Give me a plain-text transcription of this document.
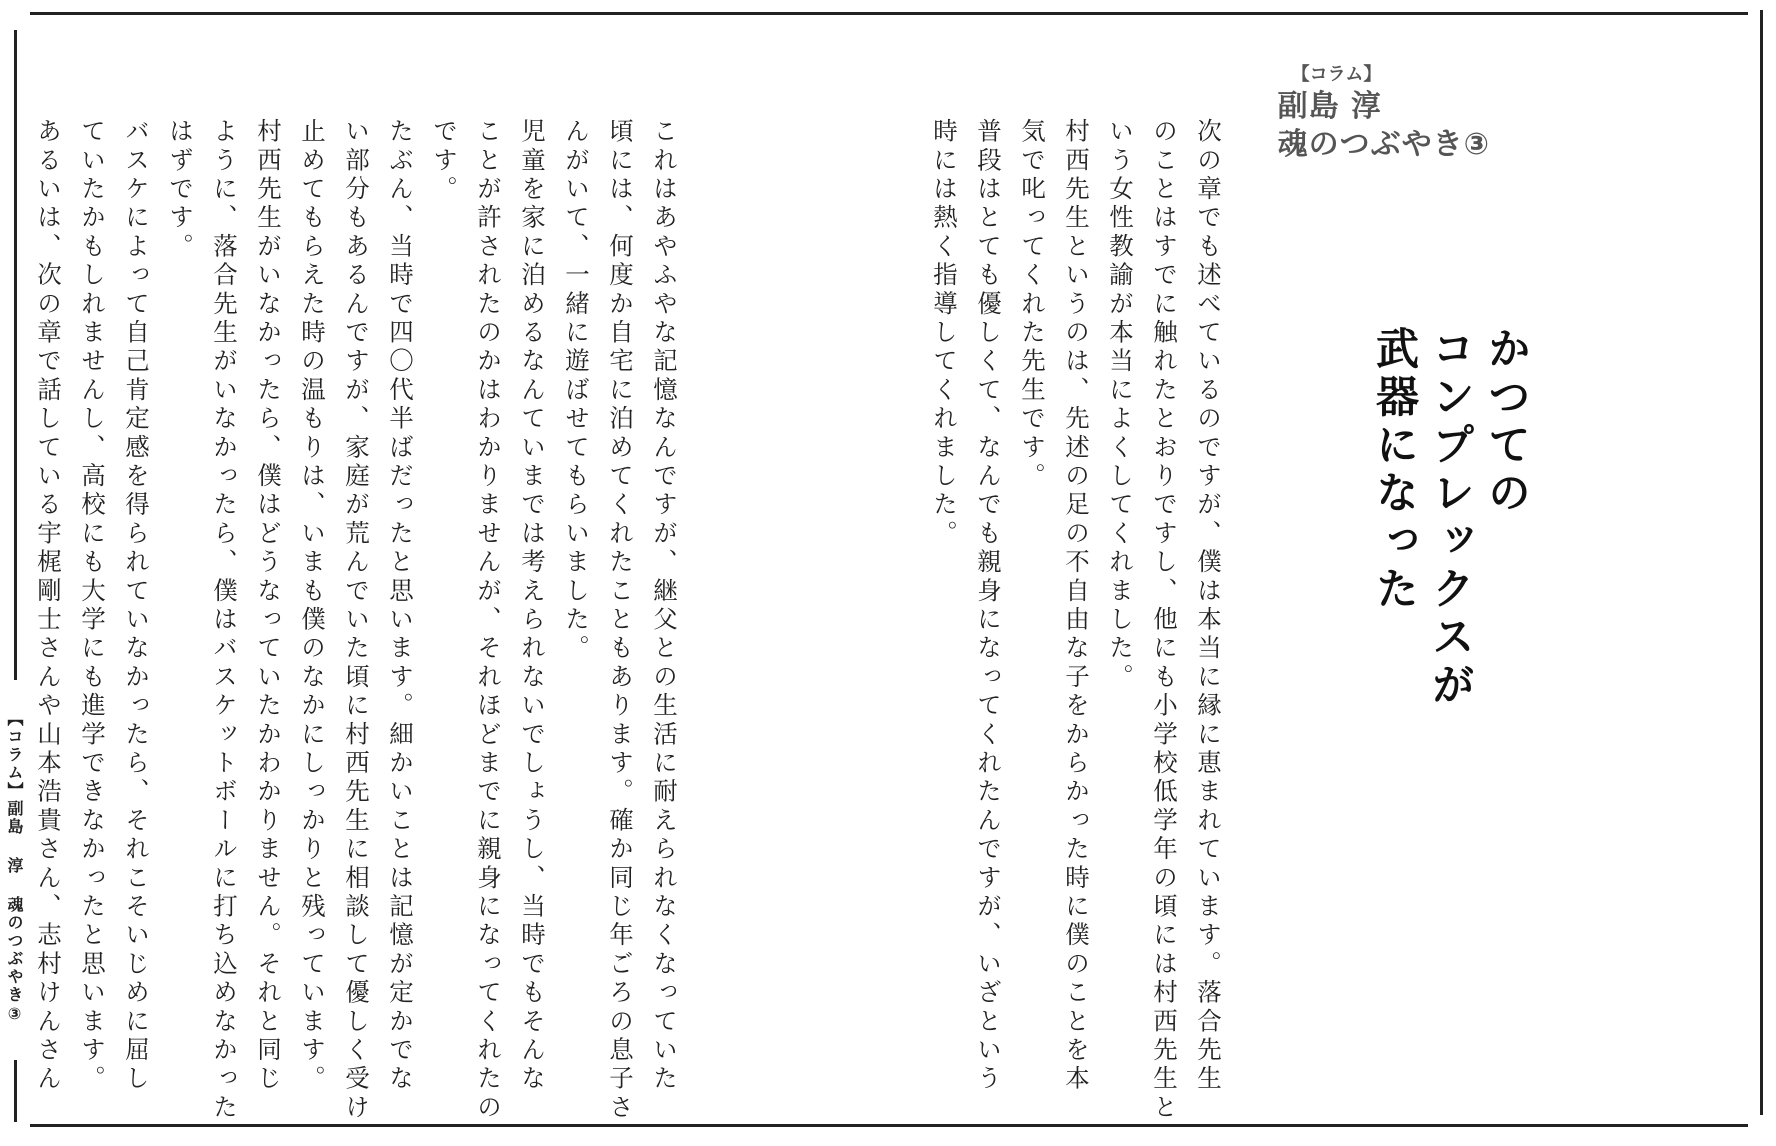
【コラム】
副島 淳
魂のつぶやき③
かつての
コンプレックスが
武器になった
次の章でも述べているのですが、僕は本当に縁に恵まれています。落合先生
のことはすでに触れたとおりですし、他にも小学校低学年の頃には村西先生と
いう女性教諭が本当によくしてくれました。
村西先生というのは、先述の足の不自由な子をからかった時に僕のことを本
気で叱ってくれた先生です。
普段はとても優しくて、なんでも親身になってくれたんですが、いざという
時には熱く指導してくれました。
これはあやふやな記憶なんですが、継父との生活に耐えられなくなっていた
頃には、何度か自宅に泊めてくれたこともあります。確か同じ年ごろの息子さ
んがいて、一緒に遊ばせてもらいました。
児童を家に泊めるなんていまでは考えられないでしょうし、当時でもそんな
ことが許されたのかはわかりませんが、それほどまでに親身になってくれたの
です。
たぶん、当時で四〇代半ばだったと思います。細かいことは記憶が定かでな
い部分もあるんですが、家庭が荒んでいた頃に村西先生に相談して優しく受け
止めてもらえた時の温もりは、いまも僕のなかにしっかりと残っています。
村西先生がいなかったら、僕はどうなっていたかわかりません。それと同じ
ように、落合先生がいなかったら、僕はバスケットボールに打ち込めなかった
はずです。
バスケによって自己肯定感を得られていなかったら、それこそいじめに屈し
ていたかもしれませんし、高校にも大学にも進学できなかったと思います。
あるいは、次の章で話している宇梶剛士さんや山本浩貴さん、志村けんさん
【コラム】副島 淳 魂のつぶやき③
